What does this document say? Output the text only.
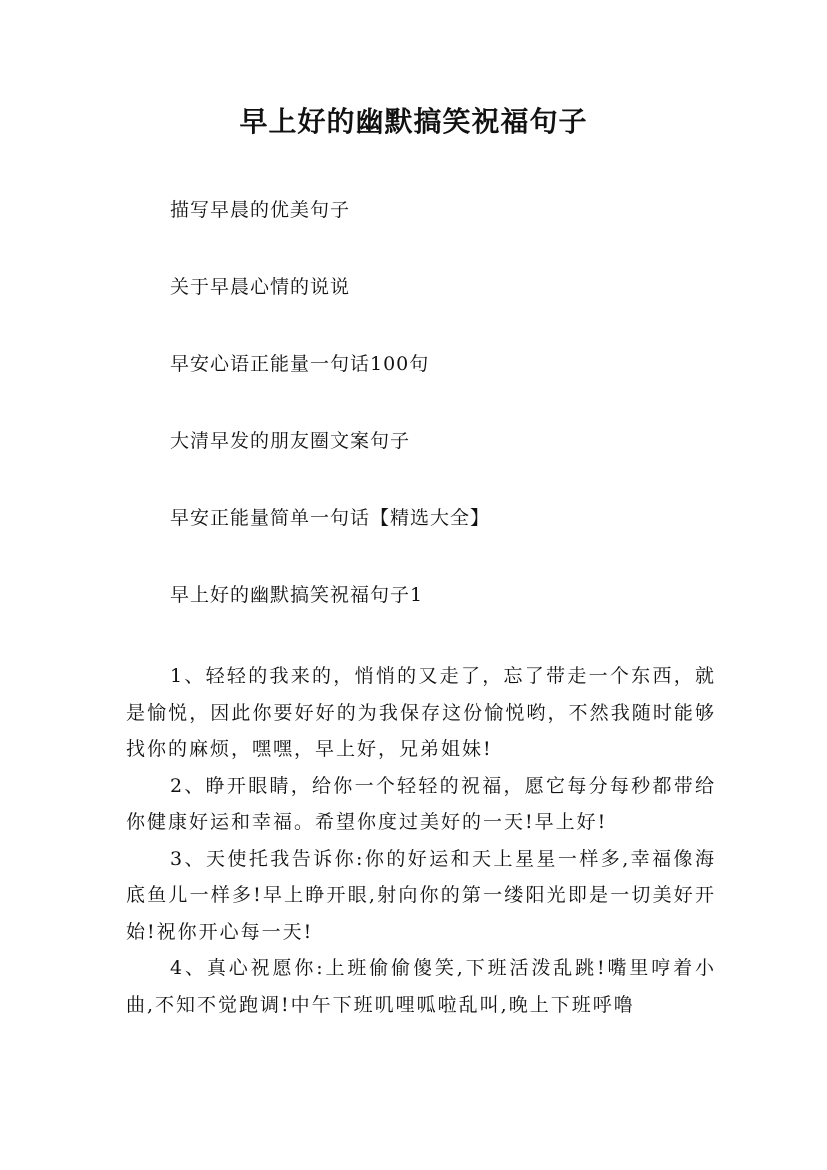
早上好的幽默搞笑祝福句子
描写早晨的优美句子
关于早晨心情的说说
早安心语正能量一句话100句
大清早发的朋友圈文案句子
早安正能量简单一句话【精选大全】
早上好的幽默搞笑祝福句子1

1、轻轻的我来的，悄悄的又走了，忘了带走一个东西，就是愉悦，因此你要好好的为我保存这份愉悦哟，不然我随时能够找你的麻烦，嘿嘿，早上好，兄弟姐妹!

2、睁开眼睛，给你一个轻轻的祝福，愿它每分每秒都带给你健康好运和幸福。希望你度过美好的一天!早上好!

3、天使托我告诉你:你的好运和天上星星一样多,幸福像海底鱼儿一样多!早上睁开眼,射向你的第一缕阳光即是一切美好开始!祝你开心每一天!

4、真心祝愿你:上班偷偷傻笑,下班活泼乱跳!嘴里哼着小曲,不知不觉跑调!中午下班叽哩呱啦乱叫,晚上下班呼噜
